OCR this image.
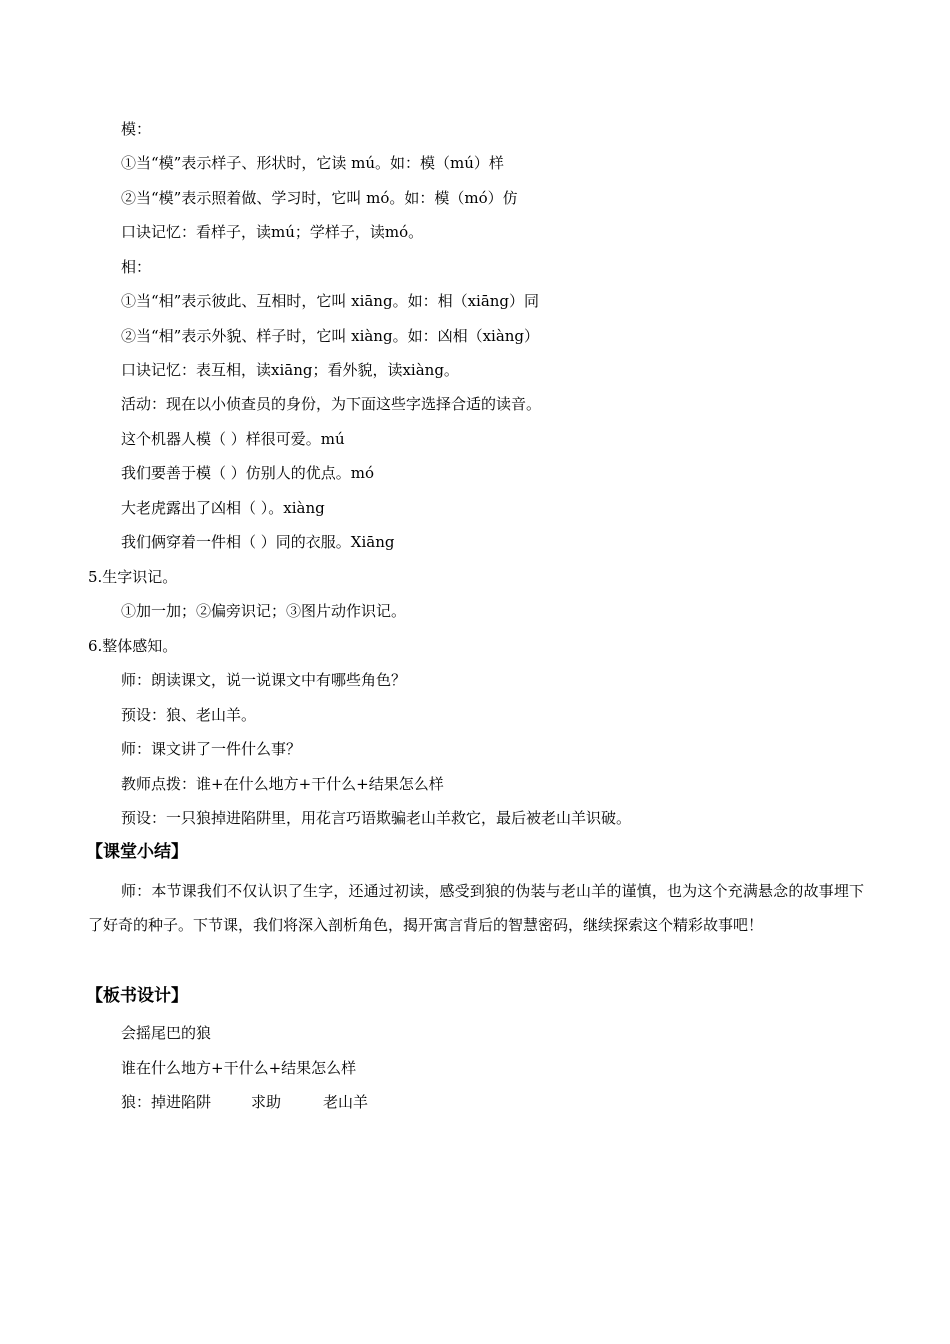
模：
①当“模”表示样子、形状时，它读 mú。如：模（mú）样
②当“模”表示照着做、学习时，它叫 mó。如：模（mó）仿
口诀记忆：看样子，读mú；学样子，读mó。
相：
①当“相”表示彼此、互相时，它叫 xiāng。如：相（xiāng）同
②当“相”表示外貌、样子时，它叫 xiàng。如：凶相（xiàng）
口诀记忆：表互相，读xiāng；看外貌，读xiàng。
活动：现在以小侦查员的身份，为下面这些字选择合适的读音。
这个机器人模（ ）样很可爱。mú
我们要善于模（ ）仿别人的优点。mó
大老虎露出了凶相（ ）。xiàng
我们俩穿着一件相（ ）同的衣服。Xiāng
5.生字识记。
①加一加；②偏旁识记；③图片动作识记。
6.整体感知。
师：朗读课文，说一说课文中有哪些角色？
预设：狼、老山羊。
师：课文讲了一件什么事？
教师点拨：谁+在什么地方+干什么+结果怎么样
预设：一只狼掉进陷阱里，用花言巧语欺骗老山羊救它，最后被老山羊识破。
【课堂小结】

师：本节课我们不仅认识了生字，还通过初读，感受到狼的伪装与老山羊的谨慎，也为这个充满悬念的故事埋下了好奇的种子。下节课，我们将深入剖析角色，揭开寓言背后的智慧密码，继续探索这个精彩故事吧！

【板书设计】
会摇尾巴的狼
谁在什么地方+干什么+结果怎么样
狼：掉进陷阱	求助	老山羊
